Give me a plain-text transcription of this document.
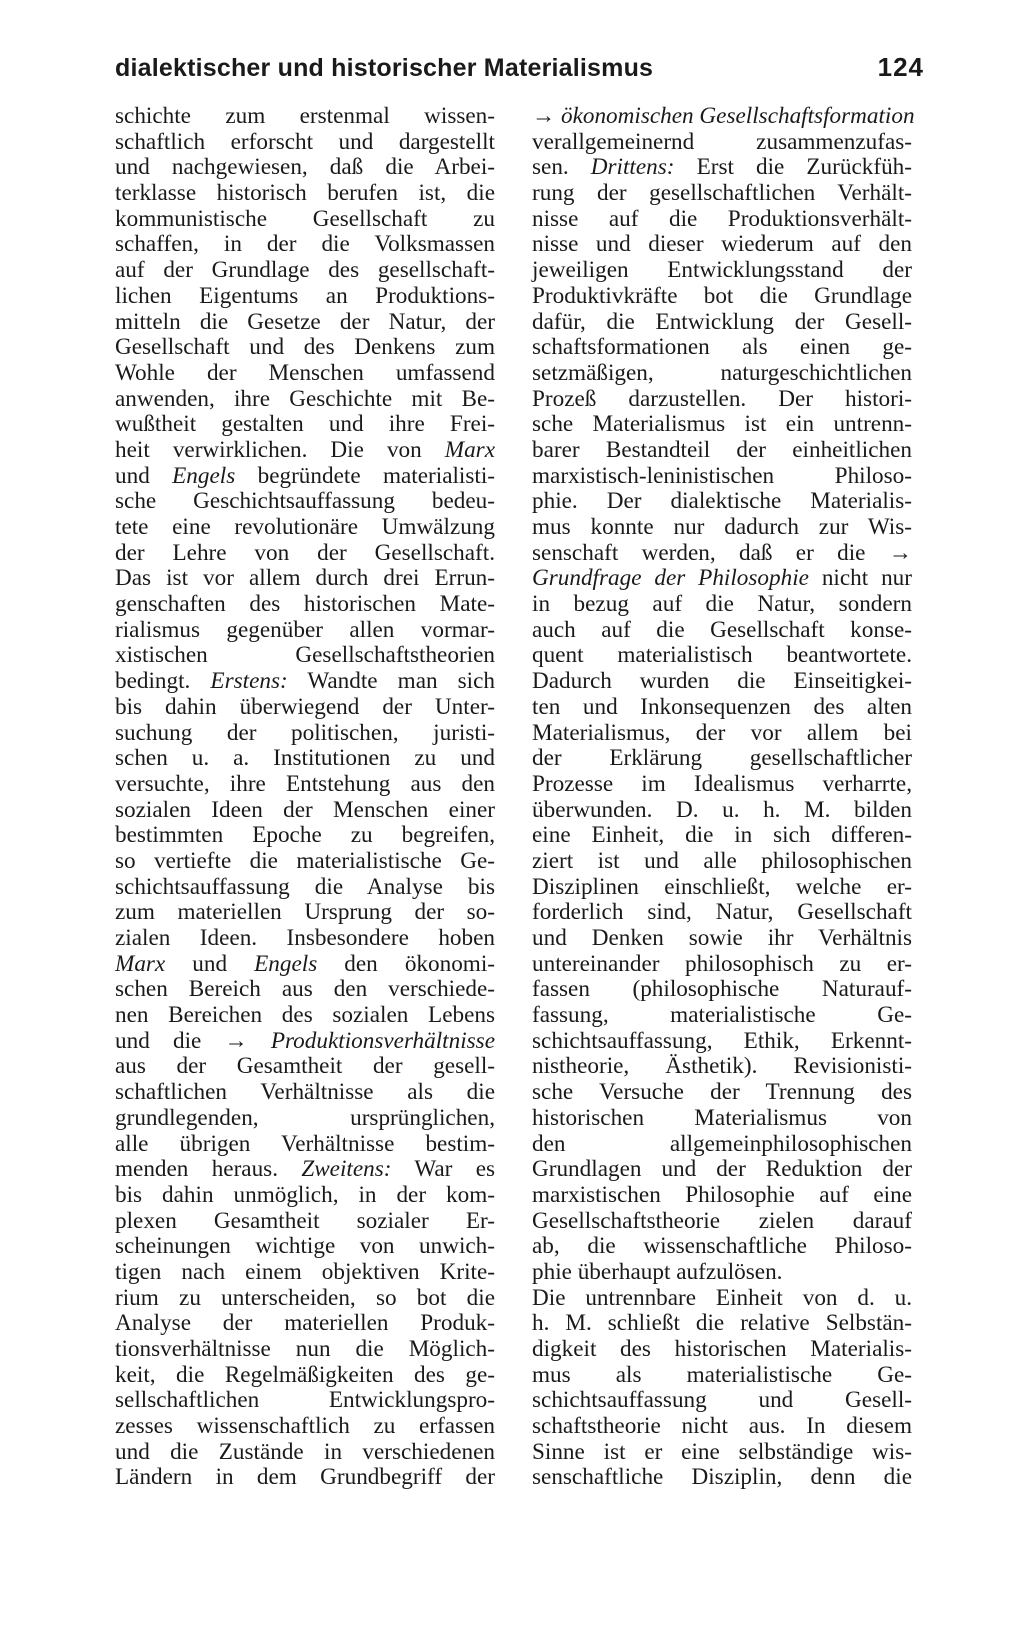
dialektischer und historischer Materialismus	124
schichte zum erstenmal wissen-
schaftlich erforscht und dargestellt
und nachgewiesen, daß die Arbei-
terklasse historisch berufen ist, die
kommunistische Gesellschaft zu
schaffen, in der die Volksmassen
auf der Grundlage des gesellschaft-
lichen Eigentums an Produktions-
mitteln die Gesetze der Natur, der
Gesellschaft und des Denkens zum
Wohle der Menschen umfassend
anwenden, ihre Geschichte mit Be-
wußtheit gestalten und ihre Frei-
heit verwirklichen. Die von Marx
und Engels begründete materialisti-
sche Geschichtsauffassung bedeu-
tete eine revolutionäre Umwälzung
der Lehre von der Gesellschaft.
Das ist vor allem durch drei Errun-
genschaften des historischen Mate-
rialismus gegenüber allen vormar-
xistischen Gesellschaftstheorien
bedingt. Erstens: Wandte man sich
bis dahin überwiegend der Unter-
suchung der politischen, juristi-
schen u. a. Institutionen zu und
versuchte, ihre Entstehung aus den
sozialen Ideen der Menschen einer
bestimmten Epoche zu begreifen,
so vertiefte die materialistische Ge-
schichtsauffassung die Analyse bis
zum materiellen Ursprung der so-
zialen Ideen. Insbesondere hoben
Marx und Engels den ökonomi-
schen Bereich aus den verschiede-
nen Bereichen des sozialen Lebens
und die → Produktionsverhältnisse
aus der Gesamtheit der gesell-
schaftlichen Verhältnisse als die
grundlegenden, ursprünglichen,
alle übrigen Verhältnisse bestim-
menden heraus. Zweitens: War es
bis dahin unmöglich, in der kom-
plexen Gesamtheit sozialer Er-
scheinungen wichtige von unwich-
tigen nach einem objektiven Krite-
rium zu unterscheiden, so bot die
Analyse der materiellen Produk-
tionsverhältnisse nun die Möglich-
keit, die Regelmäßigkeiten des ge-
sellschaftlichen Entwicklungspro-
zesses wissenschaftlich zu erfassen
und die Zustände in verschiedenen
Ländern in dem Grundbegriff der
→ ökonomischen Gesellschaftsformation
verallgemeinernd zusammenzufas-
sen. Drittens: Erst die Zurückfüh-
rung der gesellschaftlichen Verhält-
nisse auf die Produktionsverhält-
nisse und dieser wiederum auf den
jeweiligen Entwicklungsstand der
Produktivkräfte bot die Grundlage
dafür, die Entwicklung der Gesell-
schaftsformationen als einen ge-
setzmäßigen, naturgeschichtlichen
Prozeß darzustellen. Der histori-
sche Materialismus ist ein untrenn-
barer Bestandteil der einheitlichen
marxistisch-leninistischen Philoso-
phie. Der dialektische Materialis-
mus konnte nur dadurch zur Wis-
senschaft werden, daß er die →
Grundfrage der Philosophie nicht nur
in bezug auf die Natur, sondern
auch auf die Gesellschaft konse-
quent materialistisch beantwortete.
Dadurch wurden die Einseitigkei-
ten und Inkonsequenzen des alten
Materialismus, der vor allem bei
der Erklärung gesellschaftlicher
Prozesse im Idealismus verharrte,
überwunden. D. u. h. M. bilden
eine Einheit, die in sich differen-
ziert ist und alle philosophischen
Disziplinen einschließt, welche er-
forderlich sind, Natur, Gesellschaft
und Denken sowie ihr Verhältnis
untereinander philosophisch zu er-
fassen (philosophische Naturauf-
fassung, materialistische Ge-
schichtsauffassung, Ethik, Erkennt-
nistheorie, Ästhetik). Revisionisti-
sche Versuche der Trennung des
historischen Materialismus von
den allgemeinphilosophischen
Grundlagen und der Reduktion der
marxistischen Philosophie auf eine
Gesellschaftstheorie zielen darauf
ab, die wissenschaftliche Philoso-
phie überhaupt aufzulösen.
Die untrennbare Einheit von d. u.
h. M. schließt die relative Selbstän-
digkeit des historischen Materialis-
mus als materialistische Ge-
schichtsauffassung und Gesell-
schaftstheorie nicht aus. In diesem
Sinne ist er eine selbständige wis-
senschaftliche Disziplin, denn die
